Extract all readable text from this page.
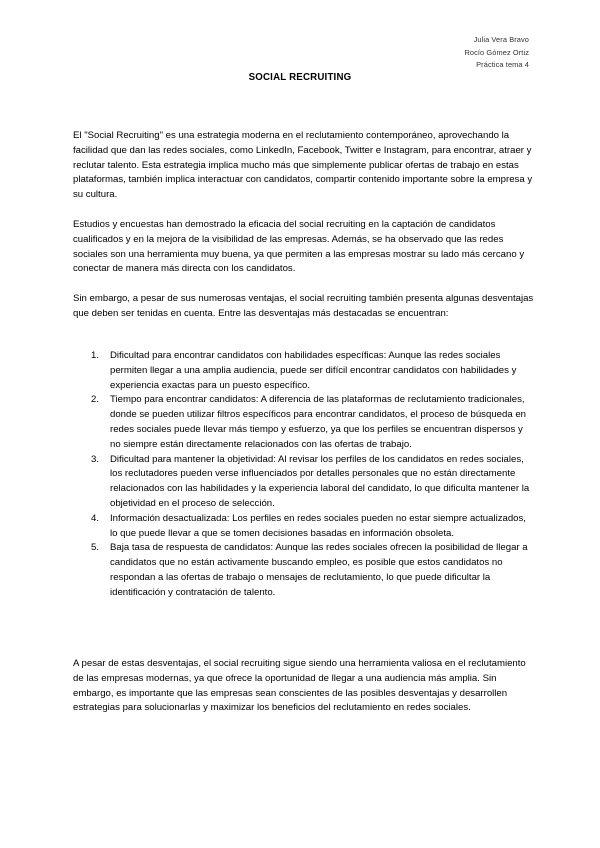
Julia Vera Bravo
Rocío Gómez Ortiz
Práctica tema 4
SOCIAL RECRUITING
El "Social Recruiting" es una estrategia moderna en el reclutamiento contemporáneo, aprovechando la facilidad que dan las redes sociales, como LinkedIn, Facebook, Twitter e Instagram, para encontrar, atraer y reclutar talento. Esta estrategia implica mucho más que simplemente publicar ofertas de trabajo en estas plataformas, también implica interactuar con candidatos, compartir contenido importante sobre la empresa y su cultura.
Estudios y encuestas han demostrado la eficacia del social recruiting en la captación de candidatos cualificados y en la mejora de la visibilidad de las empresas. Además, se ha observado que las redes sociales son una herramienta muy buena, ya que permiten a las empresas mostrar su lado más cercano y conectar de manera más directa con los candidatos.
Sin embargo, a pesar de sus numerosas ventajas, el social recruiting también presenta algunas desventajas que deben ser tenidas en cuenta. Entre las desventajas más destacadas se encuentran:
1. Dificultad para encontrar candidatos con habilidades específicas: Aunque las redes sociales permiten llegar a una amplia audiencia, puede ser difícil encontrar candidatos con habilidades y experiencia exactas para un puesto específico.
2. Tiempo para encontrar candidatos: A diferencia de las plataformas de reclutamiento tradicionales, donde se pueden utilizar filtros específicos para encontrar candidatos, el proceso de búsqueda en redes sociales puede llevar más tiempo y esfuerzo, ya que los perfiles se encuentran dispersos y no siempre están directamente relacionados con las ofertas de trabajo.
3. Dificultad para mantener la objetividad: Al revisar los perfiles de los candidatos en redes sociales, los reclutadores pueden verse influenciados por detalles personales que no están directamente relacionados con las habilidades y la experiencia laboral del candidato, lo que dificulta mantener la objetividad en el proceso de selección.
4. Información desactualizada: Los perfiles en redes sociales pueden no estar siempre actualizados, lo que puede llevar a que se tomen decisiones basadas en información obsoleta.
5. Baja tasa de respuesta de candidatos: Aunque las redes sociales ofrecen la posibilidad de llegar a candidatos que no están activamente buscando empleo, es posible que estos candidatos no respondan a las ofertas de trabajo o mensajes de reclutamiento, lo que puede dificultar la identificación y contratación de talento.
A pesar de estas desventajas, el social recruiting sigue siendo una herramienta valiosa en el reclutamiento de las empresas modernas, ya que ofrece la oportunidad de llegar a una audiencia más amplia. Sin embargo, es importante que las empresas sean conscientes de las posibles desventajas y desarrollen estrategias para solucionarlas y maximizar los beneficios del reclutamiento en redes sociales.
